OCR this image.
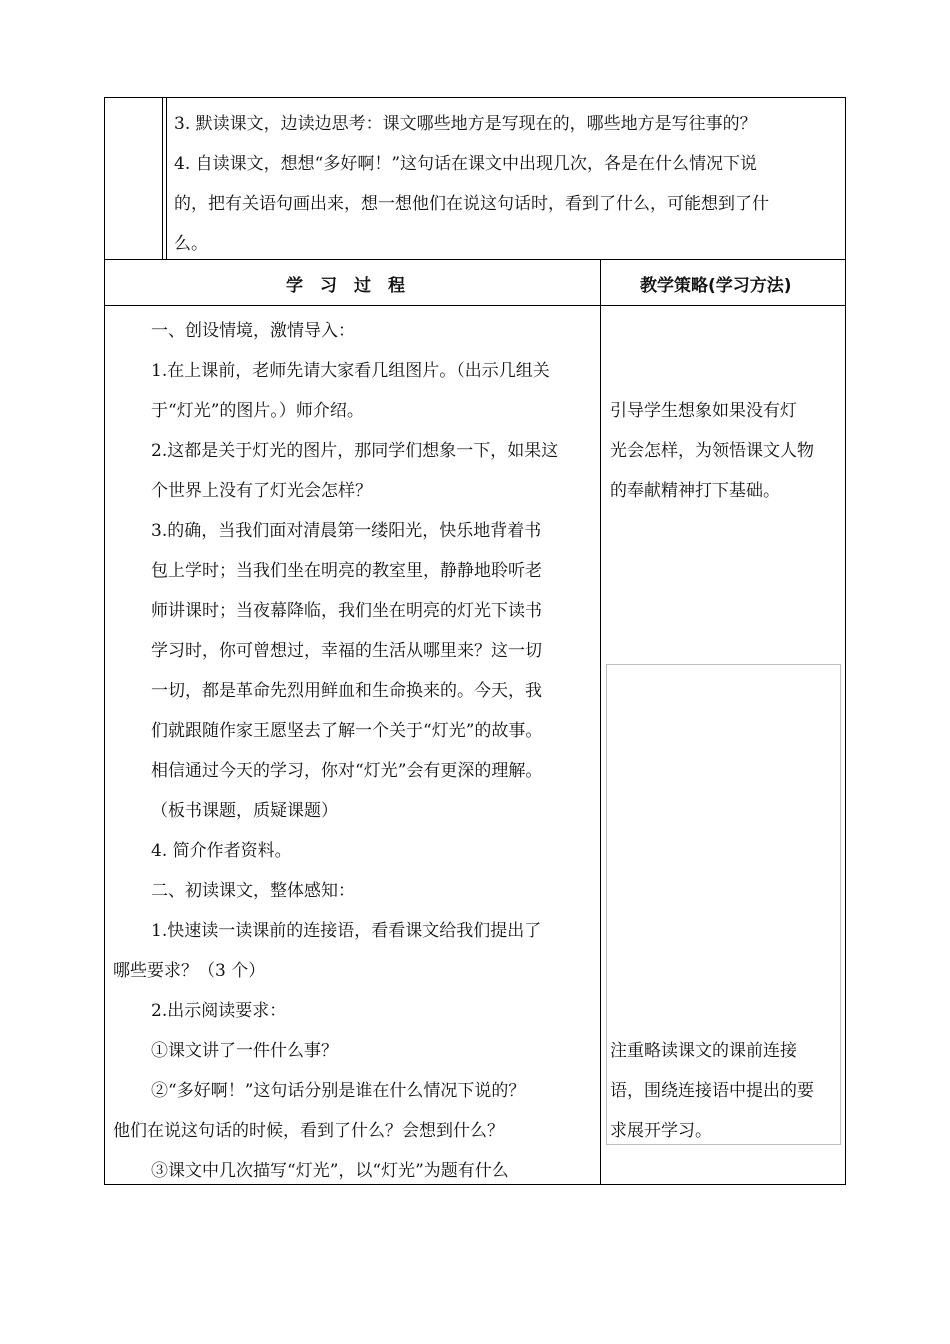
3. 默读课文，边读边思考：课文哪些地方是写现在的，哪些地方是写往事的？
4. 自读课文，想想“多好啊！”这句话在课文中出现几次，各是在什么情况下说
的，把有关语句画出来，想一想他们在说这句话时，看到了什么，可能想到了什
么。
学　习　过　程	教学策略(学习方法)
一、创设情境，激情导入：
1.在上课前，老师先请大家看几组图片。（出示几组关
于“灯光”的图片。）师介绍。
2.这都是关于灯光的图片，那同学们想象一下，如果这
个世界上没有了灯光会怎样？
3.的确，当我们面对清晨第一缕阳光，快乐地背着书
包上学时；当我们坐在明亮的教室里，静静地聆听老
师讲课时；当夜幕降临，我们坐在明亮的灯光下读书
学习时，你可曾想过，幸福的生活从哪里来？这一切
一切，都是革命先烈用鲜血和生命换来的。今天，我
们就跟随作家王愿坚去了解一个关于“灯光”的故事。
相信通过今天的学习，你对“灯光”会有更深的理解。
（板书课题，质疑课题）
4. 简介作者资料。
二、初读课文，整体感知：
1.快速读一读课前的连接语，看看课文给我们提出了
哪些要求？（3 个）
2.出示阅读要求：
①课文讲了一件什么事？
②“多好啊！”这句话分别是谁在什么情况下说的？
他们在说这句话的时候，看到了什么？会想到什么？
③课文中几次描写“灯光”，以“灯光”为题有什么
引导学生想象如果没有灯
光会怎样，为领悟课文人物
的奉献精神打下基础。
注重略读课文的课前连接
语，围绕连接语中提出的要
求展开学习。
